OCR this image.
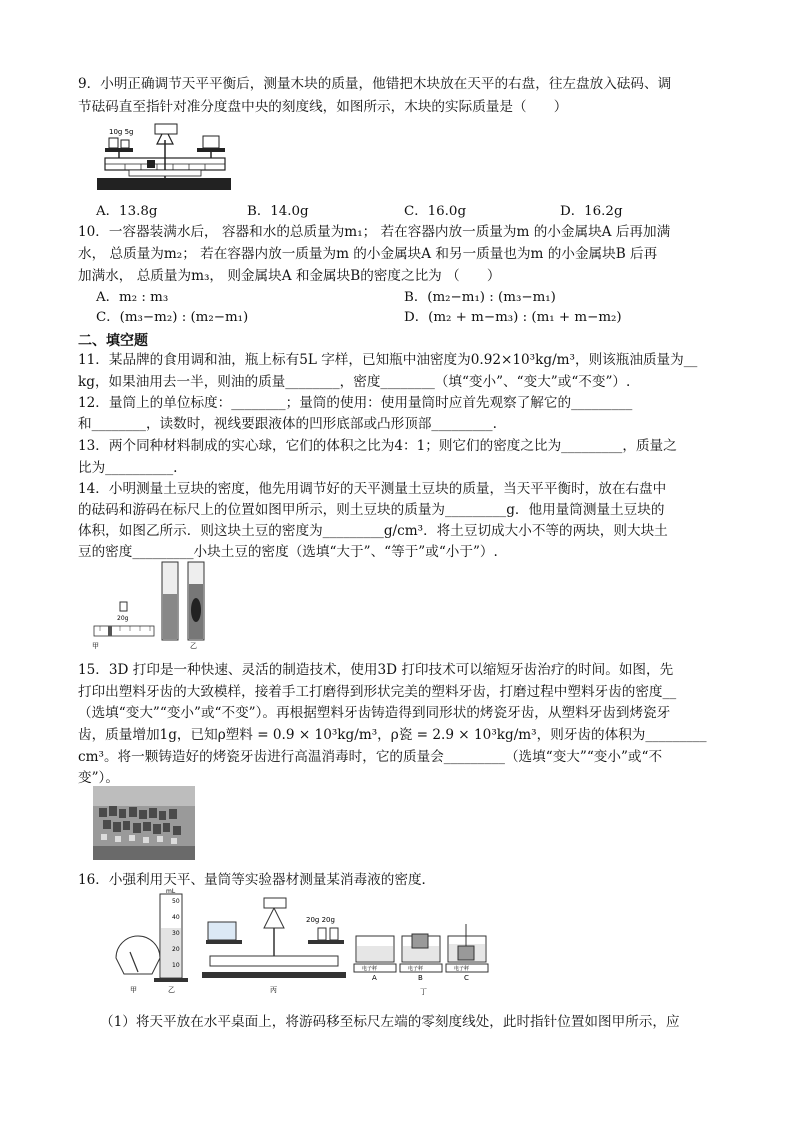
9．小明正确调节天平平衡后，测量木块的质量，他错把木块放在天平的右盘，往左盘放入砝码、调
节砝码直至指针对准分度盘中央的刻度线，如图所示，木块的实际质量是（　　）
10g 5g
A．13.8g	B．14.0g	C．16.0g	D．16.2g
10．一容器装满水后， 容器和水的总质量为m₁； 若在容器内放一质量为m 的小金属块A 后再加满
水， 总质量为m₂； 若在容器内放一质量为m 的小金属块A 和另一质量也为m 的小金属块B 后再
加满水， 总质量为m₃， 则金属块A 和金属块B的密度之比为 （　　）
A．m₂ : m₃	B．(m₂−m₁) : (m₃−m₁)
C．(m₃−m₂) : (m₂−m₁)	D．(m₂ + m−m₃) : (m₁ + m−m₂)
二、填空题
11．某品牌的食用调和油，瓶上标有5L 字样，已知瓶中油密度为0.92×10³kg/m³，则该瓶油质量为__
kg，如果油用去一半，则油的质量________，密度________（填“变小”、“变大”或“不变”）.
12．量筒上的单位标度：________；量筒的使用：使用量筒时应首先观察了解它的_________
和________，读数时，视线要跟液体的凹形底部或凸形顶部_________.
13．两个同种材料制成的实心球，它们的体积之比为4：1；则它们的密度之比为_________，质量之
比为__________.
14．小明测量土豆块的密度，他先用调节好的天平测量土豆块的质量，当天平平衡时，放在右盘中
的砝码和游码在标尺上的位置如图甲所示，则土豆块的质量为_________g．他用量筒测量土豆块的
体积，如图乙所示．则这块土豆的密度为_________g/cm³．将土豆切成大小不等的两块，则大块土
豆的密度_________小块土豆的密度（选填“大于”、“等于”或“小于”）.
20g
甲	乙
15．3D 打印是一种快速、灵活的制造技术，使用3D 打印技术可以缩短牙齿治疗的时间。如图，先
打印出塑料牙齿的大致模样，接着手工打磨得到形状完美的塑料牙齿，打磨过程中塑料牙齿的密度__
（选填“变大”“变小”或“不变”）。再根据塑料牙齿铸造得到同形状的烤瓷牙齿，从塑料牙齿到烤瓷牙
齿，质量增加1g，已知ρ塑料 = 0.9 × 10³kg/m³，ρ瓷 = 2.9 × 10³kg/m³，则牙齿的体积为_________
cm³。将一颗铸造好的烤瓷牙齿进行高温消毒时，它的质量会_________（选填“变大”“变小”或“不
变”）。
16．小强利用天平、量筒等实验器材测量某消毒液的密度．
甲
mL
50
40
30
20
10
乙
20g 20g
丙
电子秤
A
电子秤
B
电子秤
C
丁
（1）将天平放在水平桌面上，将游码移至标尺左端的零刻度线处，此时指针位置如图甲所示，应
